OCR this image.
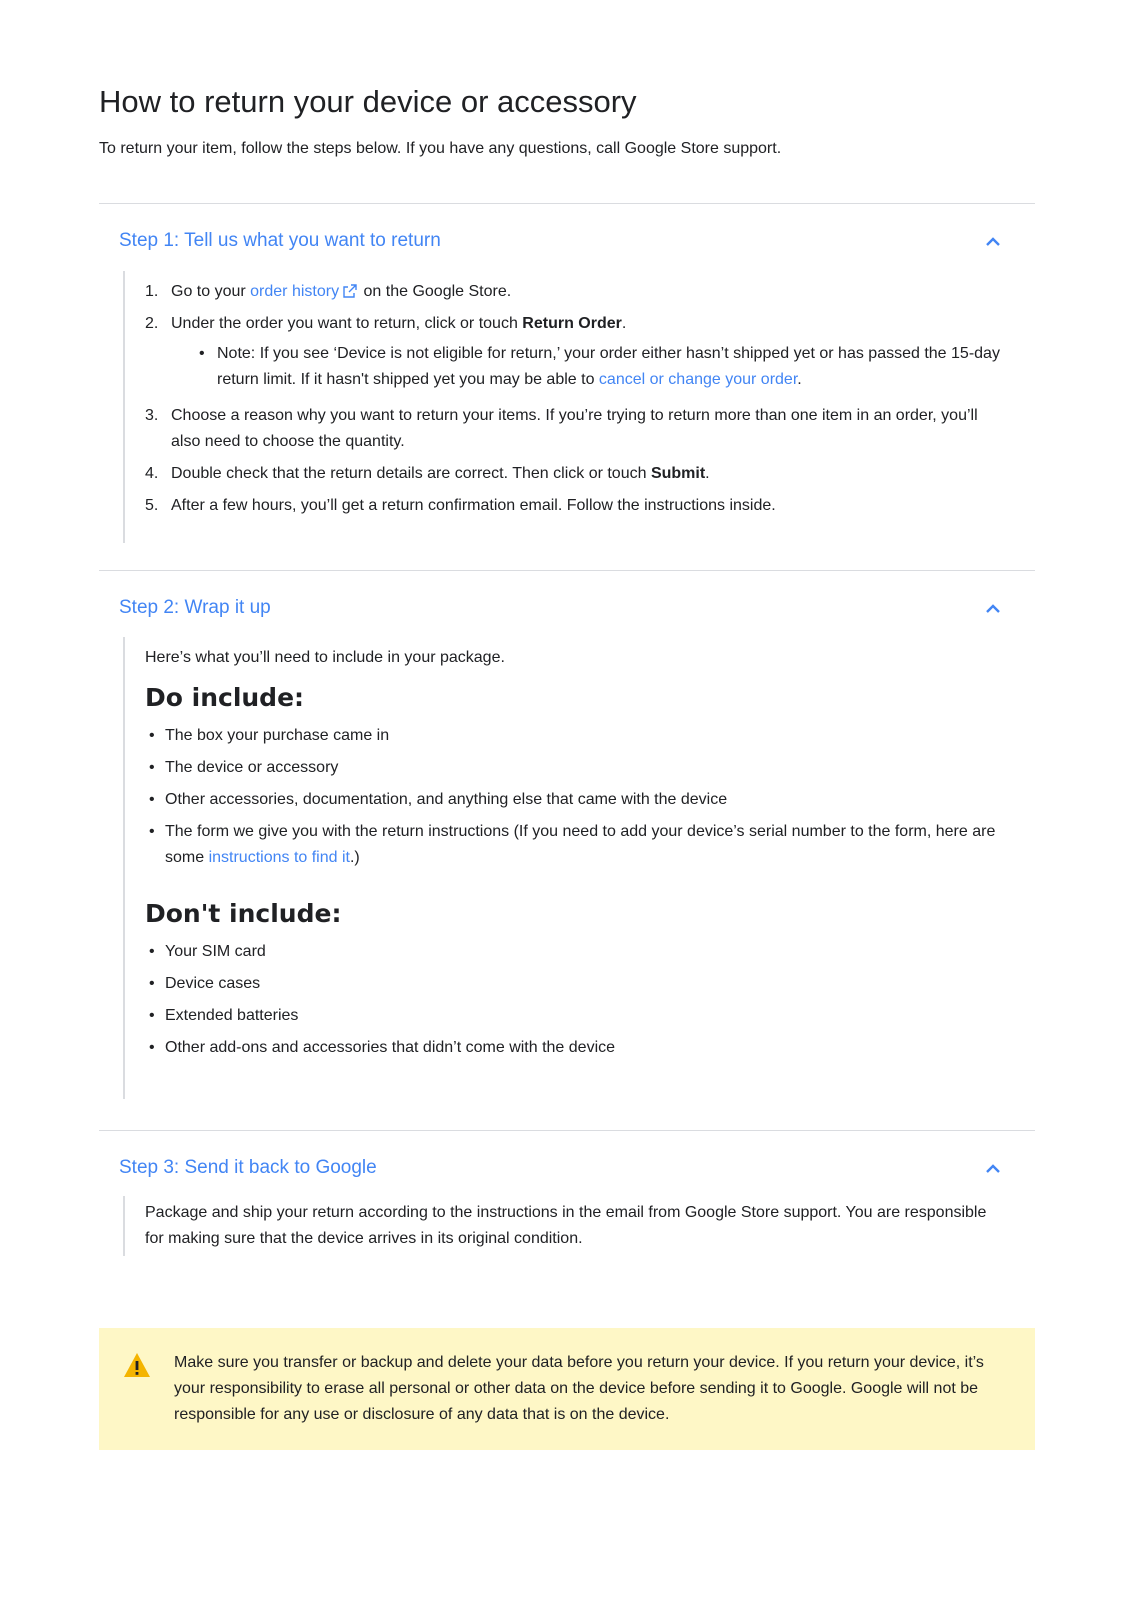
How to return your device or accessory
To return your item, follow the steps below. If you have any questions, call Google Store support.
Step 1: Tell us what you want to return
1. Go to your order history on the Google Store.
2. Under the order you want to return, click or touch Return Order.
• Note: If you see ‘Device is not eligible for return,’ your order either hasn’t shipped yet or has passed the 15-day return limit. If it hasn't shipped yet you may be able to cancel or change your order.
3. Choose a reason why you want to return your items. If you’re trying to return more than one item in an order, you’ll also need to choose the quantity.
4. Double check that the return details are correct. Then click or touch Submit.
5. After a few hours, you’ll get a return confirmation email. Follow the instructions inside.
Step 2: Wrap it up
Here’s what you’ll need to include in your package.
Do include:
• The box your purchase came in
• The device or accessory
• Other accessories, documentation, and anything else that came with the device
• The form we give you with the return instructions (If you need to add your device’s serial number to the form, here are some instructions to find it.)
Don't include:
• Your SIM card
• Device cases
• Extended batteries
• Other add-ons and accessories that didn’t come with the device
Step 3: Send it back to Google
Package and ship your return according to the instructions in the email from Google Store support. You are responsible for making sure that the device arrives in its original condition.
Make sure you transfer or backup and delete your data before you return your device. If you return your device, it’s your responsibility to erase all personal or other data on the device before sending it to Google. Google will not be responsible for any use or disclosure of any data that is on the device.
